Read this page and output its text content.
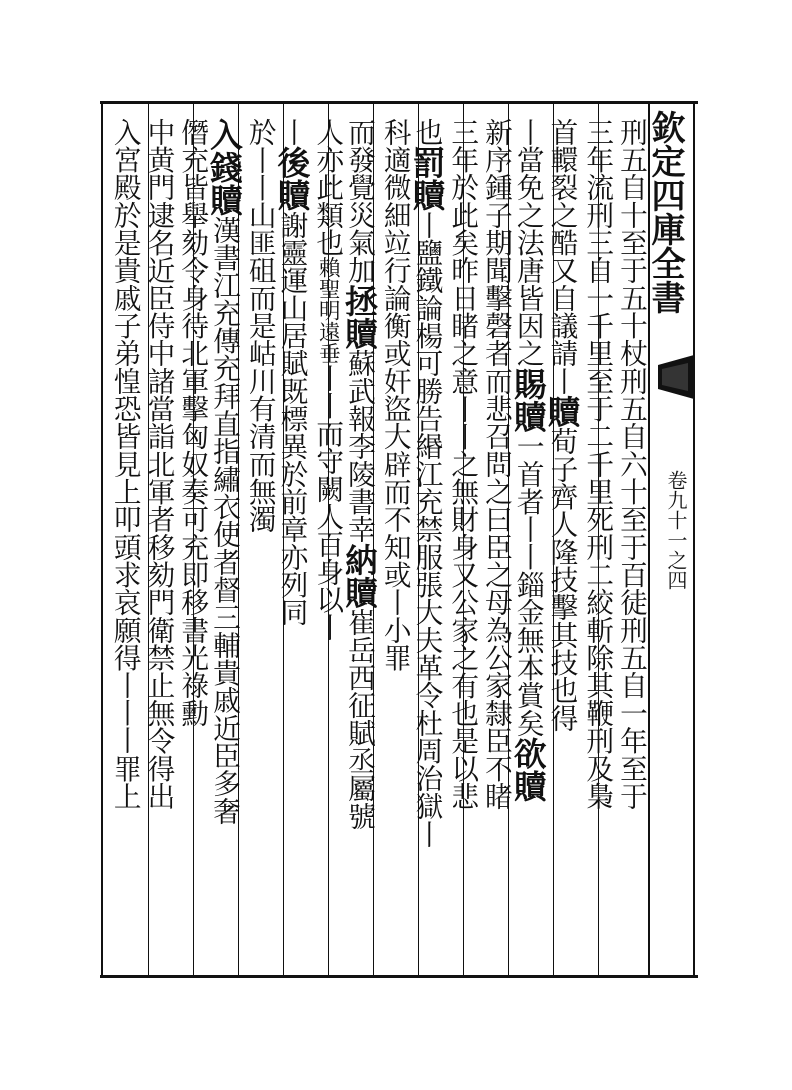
欽定四庫全書
卷九十一之四
刑五自十至于五十杖刑五自六十至于百徒刑五自一年至于
三年流刑三自一千里至于二千里死刑二絞斬除其鞭刑及梟
首轘裂之酷又自議請丨贖荀子齊人隆技擊其技也得
丨當免之法唐皆因之賜贖一首者丨丨錙金無本賞矣欲贖
新序鍾子期聞擊磬者而悲召問之曰臣之母為公家隸臣不睹
三年於此矣昨日睹之意丨丨之無財身又公家之有也是以悲
也罰贖丨鹽鐵論楊可勝告緡江充禁服張大夫革令杜周治獄丨
科適微細竝行論衡或奸盜大辟而不知或丨小罪
而發覺災氣加拯贖蘇武報李陵書幸納贖崔岳西征賦丞屬號
人亦此類也賴聖明遠垂丨丨而守闕人百身以丨
丨後贖謝靈運山居賦既標異於前章亦列同
於丨丨山匪砠而是岵川有清而無濁
入錢贖漢書江充傳充拜直指繡衣使者督三輔貴戚近臣多奢
僭充皆舉劾令身待北軍擊匈奴奏可充即移書光祿勳
中黄門逮名近臣侍中諸當詣北軍者移劾門衛禁止無令得出
入宮殿於是貴戚子弟惶恐皆見上叩頭求哀願得丨丨丨罪上
